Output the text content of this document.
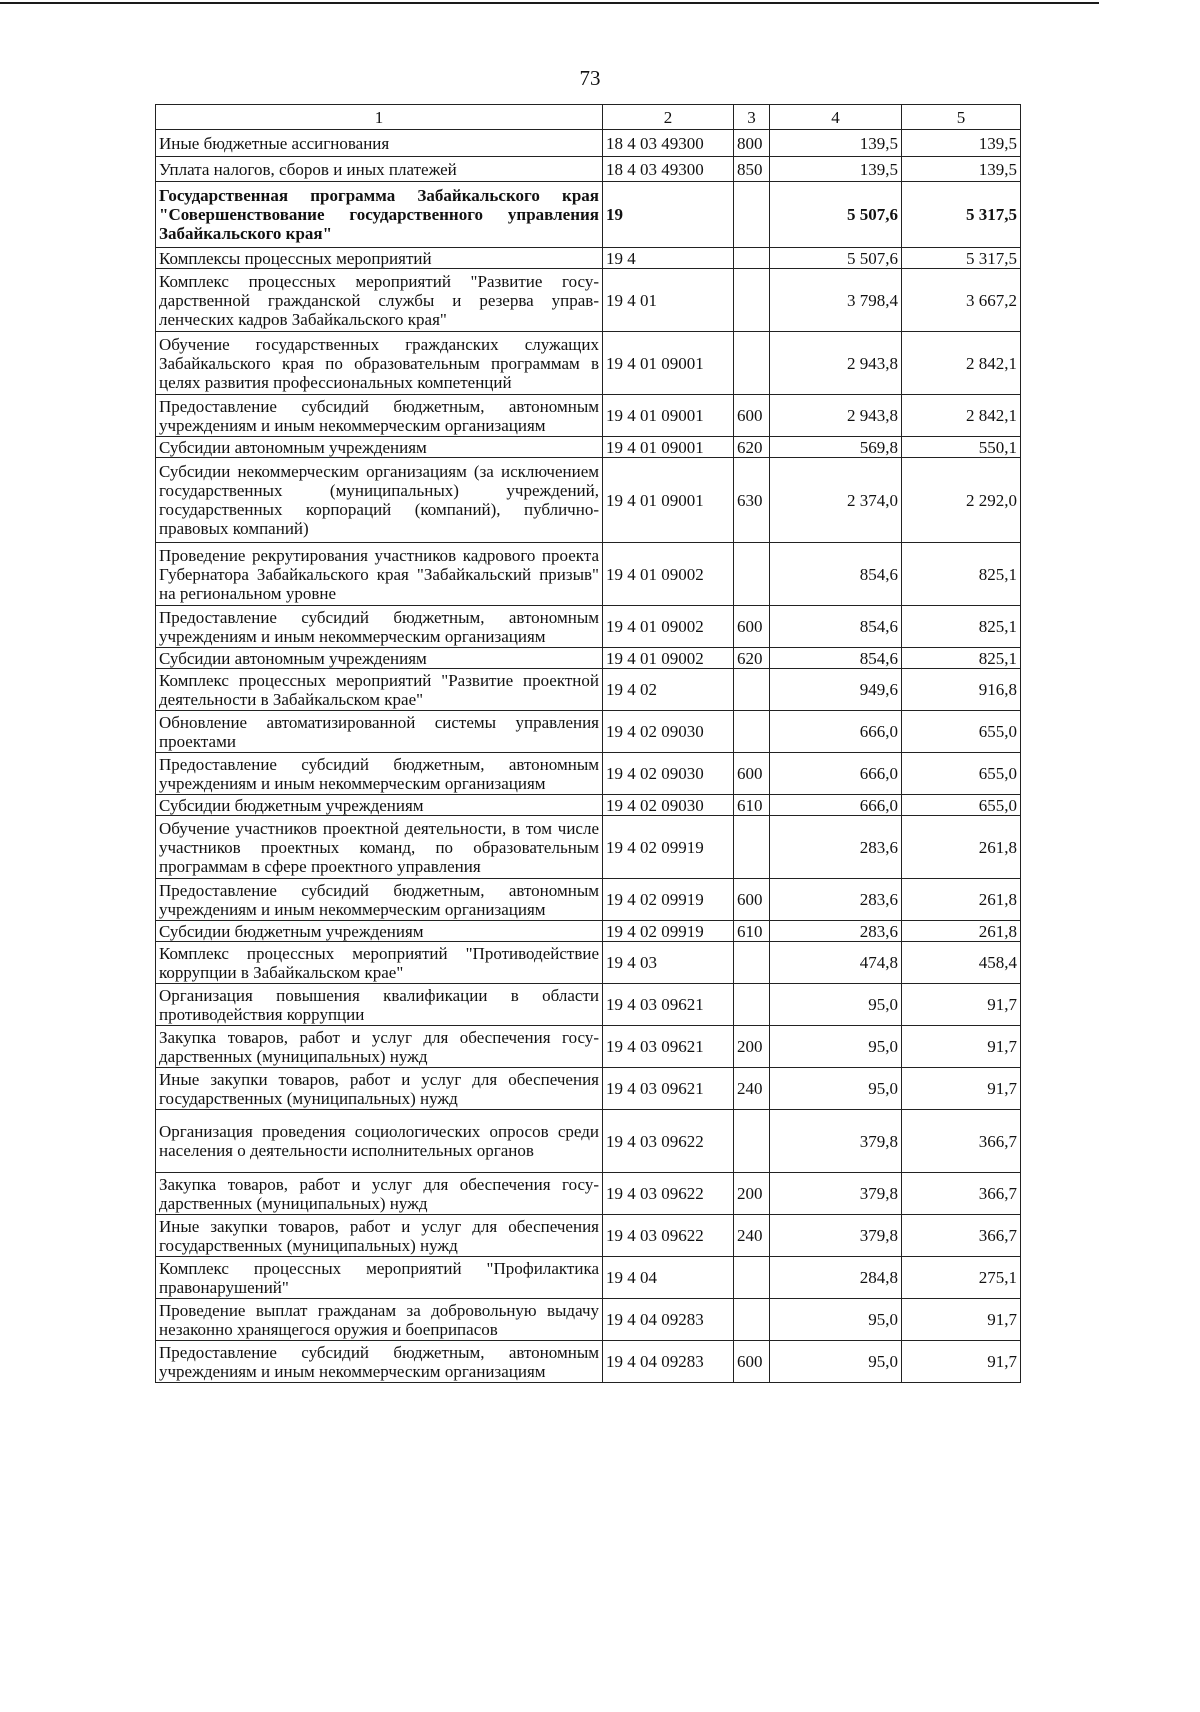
73
1	2	3	4	5
Иные бюджетные ассигнования	18 4 03 49300	800	139,5	139,5
Уплата налогов, сборов и иных платежей	18 4 03 49300	850	139,5	139,5
Государственная программа Забайкальского края "Совершенствование государственного управления Забайкальского края"	19		5 507,6	5 317,5
Комплексы процессных мероприятий	19 4		5 507,6	5 317,5
Комплекс процессных мероприятий "Развитие государственной гражданской службы и резерва управленческих кадров Забайкальского края"	19 4 01		3 798,4	3 667,2
Обучение государственных гражданских служащих Забайкальского края по образовательным программам в целях развития профессиональных компетенций	19 4 01 09001		2 943,8	2 842,1
Предоставление субсидий бюджетным, автономным учреждениям и иным некоммерческим организациям	19 4 01 09001	600	2 943,8	2 842,1
Субсидии автономным учреждениям	19 4 01 09001	620	569,8	550,1
Субсидии некоммерческим организациям (за исключением государственных (муниципальных) учреждений, государственных корпораций (компаний), публично-правовых компаний)	19 4 01 09001	630	2 374,0	2 292,0
Проведение рекрутирования участников кадрового проекта Губернатора Забайкальского края "Забайкальский призыв" на региональном уровне	19 4 01 09002		854,6	825,1
Предоставление субсидий бюджетным, автономным учреждениям и иным некоммерческим организациям	19 4 01 09002	600	854,6	825,1
Субсидии автономным учреждениям	19 4 01 09002	620	854,6	825,1
Комплекс процессных мероприятий "Развитие проектной деятельности в Забайкальском крае"	19 4 02		949,6	916,8
Обновление автоматизированной системы управления проектами	19 4 02 09030		666,0	655,0
Предоставление субсидий бюджетным, автономным учреждениям и иным некоммерческим организациям	19 4 02 09030	600	666,0	655,0
Субсидии бюджетным учреждениям	19 4 02 09030	610	666,0	655,0
Обучение участников проектной деятельности, в том числе участников проектных команд, по образовательным программам в сфере проектного управления	19 4 02 09919		283,6	261,8
Предоставление субсидий бюджетным, автономным учреждениям и иным некоммерческим организациям	19 4 02 09919	600	283,6	261,8
Субсидии бюджетным учреждениям	19 4 02 09919	610	283,6	261,8
Комплекс процессных мероприятий "Противодействие коррупции в Забайкальском крае"	19 4 03		474,8	458,4
Организация повышения квалификации в области противодействия коррупции	19 4 03 09621		95,0	91,7
Закупка товаров, работ и услуг для обеспечения государственных (муниципальных) нужд	19 4 03 09621	200	95,0	91,7
Иные закупки товаров, работ и услуг для обеспечения государственных (муниципальных) нужд	19 4 03 09621	240	95,0	91,7
Организация проведения социологических опросов среди населения о деятельности исполнительных органов	19 4 03 09622		379,8	366,7
Закупка товаров, работ и услуг для обеспечения государственных (муниципальных) нужд	19 4 03 09622	200	379,8	366,7
Иные закупки товаров, работ и услуг для обеспечения государственных (муниципальных) нужд	19 4 03 09622	240	379,8	366,7
Комплекс процессных мероприятий "Профилактика правонарушений"	19 4 04		284,8	275,1
Проведение выплат гражданам за добровольную выдачу незаконно хранящегося оружия и боеприпасов	19 4 04 09283		95,0	91,7
Предоставление субсидий бюджетным, автономным учреждениям и иным некоммерческим организациям	19 4 04 09283	600	95,0	91,7
